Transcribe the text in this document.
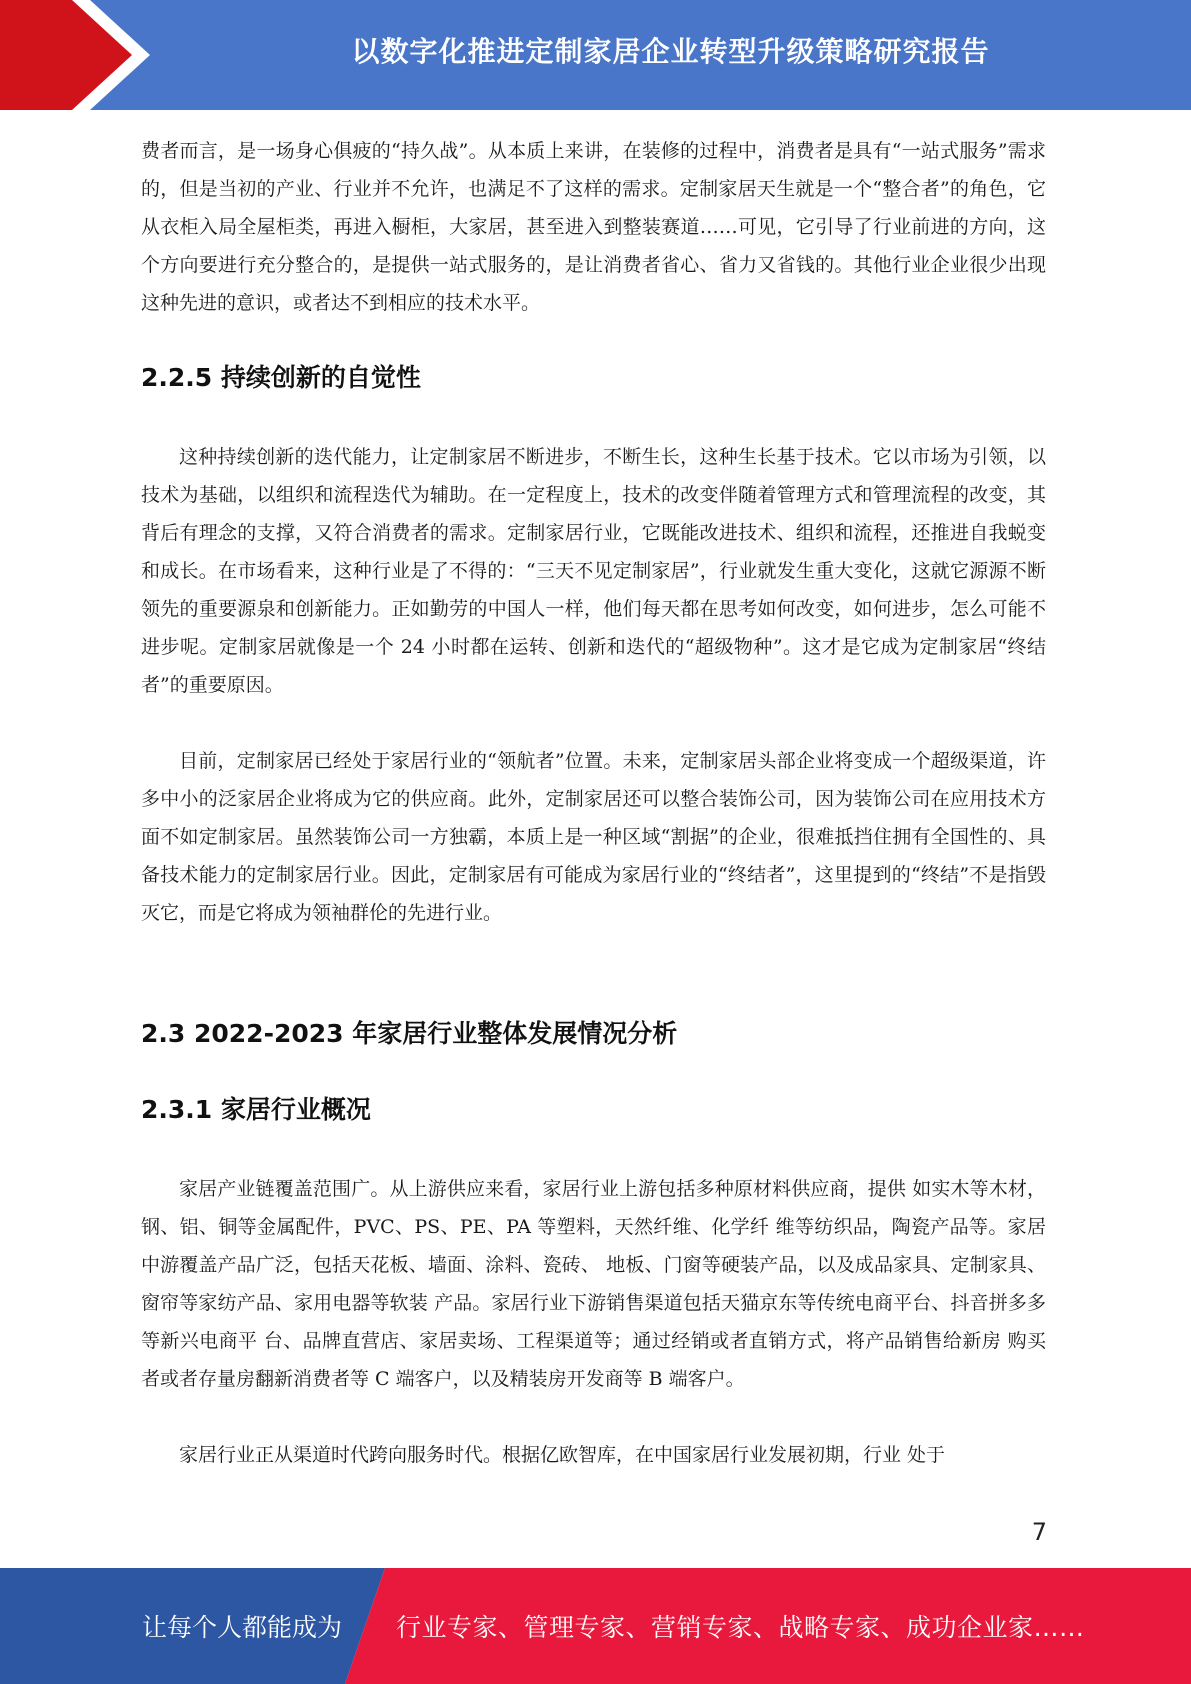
以数字化推进定制家居企业转型升级策略研究报告

费者而言，是一场身心俱疲的“持久战”。从本质上来讲，在装修的过程中，消费者是具有“一站式服务”需求的，但是当初的产业、行业并不允许，也满足不了这样的需求。定制家居天生就是一个“整合者”的角色，它从衣柜入局全屋柜类，再进入橱柜，大家居，甚至进入到整装赛道……可见，它引导了行业前进的方向，这个方向要进行充分整合的，是提供一站式服务的，是让消费者省心、省力又省钱的。其他行业企业很少出现这种先进的意识，或者达不到相应的技术水平。

2.2.5 持续创新的自觉性

这种持续创新的迭代能力，让定制家居不断进步，不断生长，这种生长基于技术。它以市场为引领，以技术为基础，以组织和流程迭代为辅助。在一定程度上，技术的改变伴随着管理方式和管理流程的改变，其背后有理念的支撑，又符合消费者的需求。定制家居行业，它既能改进技术、组织和流程，还推进自我蜕变和成长。在市场看来，这种行业是了不得的：“三天不见定制家居”，行业就发生重大变化，这就它源源不断领先的重要源泉和创新能力。正如勤劳的中国人一样，他们每天都在思考如何改变，如何进步，怎么可能不进步呢。定制家居就像是一个 24 小时都在运转、创新和迭代的“超级物种”。这才是它成为定制家居“终结者”的重要原因。

目前，定制家居已经处于家居行业的“领航者”位置。未来，定制家居头部企业将变成一个超级渠道，许多中小的泛家居企业将成为它的供应商。此外，定制家居还可以整合装饰公司，因为装饰公司在应用技术方面不如定制家居。虽然装饰公司一方独霸，本质上是一种区域“割据”的企业，很难抵挡住拥有全国性的、具备技术能力的定制家居行业。因此，定制家居有可能成为家居行业的“终结者”，这里提到的“终结”不是指毁灭它，而是它将成为领袖群伦的先进行业。

2.3 2022-2023 年家居行业整体发展情况分析
2.3.1 家居行业概况

家居产业链覆盖范围广。从上游供应来看，家居行业上游包括多种原材料供应商，提供 如实木等木材，钢、铝、铜等金属配件，PVC、PS、PE、PA 等塑料，天然纤维、化学纤 维等纺织品，陶瓷产品等。家居中游覆盖产品广泛，包括天花板、墙面、涂料、瓷砖、 地板、门窗等硬装产品，以及成品家具、定制家具、窗帘等家纺产品、家用电器等软装 产品。家居行业下游销售渠道包括天猫京东等传统电商平台、抖音拼多多等新兴电商平 台、品牌直营店、家居卖场、工程渠道等；通过经销或者直销方式，将产品销售给新房 购买者或者存量房翻新消费者等 C 端客户，以及精装房开发商等 B 端客户。

家居行业正从渠道时代跨向服务时代。根据亿欧智库，在中国家居行业发展初期，行业 处于

7
让每个人都能成为 行业专家、管理专家、营销专家、战略专家、成功企业家……
